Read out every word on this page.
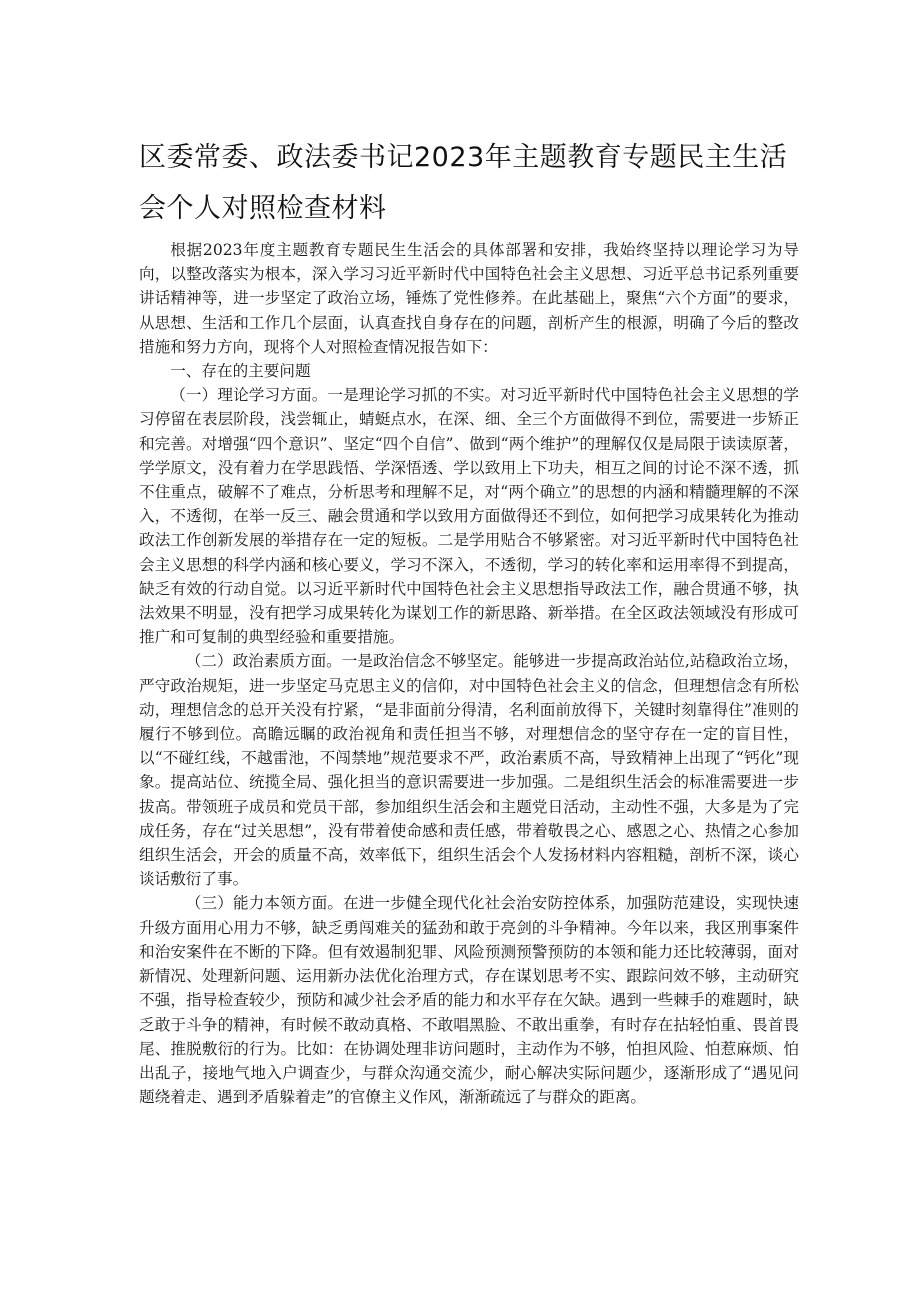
区委常委、政法委书记2023年主题教育专题民主生活会个人对照检查材料

根据2023年度主题教育专题民生生活会的具体部署和安排，我始终坚持以理论学习为导向，以整改落实为根本，深入学习习近平新时代中国特色社会主义思想、习近平总书记系列重要讲话精神等，进一步坚定了政治立场，锤炼了党性修养。在此基础上，聚焦“六个方面”的要求，从思想、生活和工作几个层面，认真查找自身存在的问题，剖析产生的根源，明确了今后的整改措施和努力方向，现将个人对照检查情况报告如下：

一、存在的主要问题

（一）理论学习方面。一是理论学习抓的不实。对习近平新时代中国特色社会主义思想的学习停留在表层阶段，浅尝辄止，蜻蜓点水，在深、细、全三个方面做得不到位，需要进一步矫正和完善。对增强“四个意识”、坚定“四个自信”、做到“两个维护”的理解仅仅是局限于读读原著，学学原文，没有着力在学思践悟、学深悟透、学以致用上下功夫，相互之间的讨论不深不透，抓不住重点，破解不了难点，分析思考和理解不足，对“两个确立”的思想的内涵和精髓理解的不深入，不透彻，在举一反三、融会贯通和学以致用方面做得还不到位，如何把学习成果转化为推动政法工作创新发展的举措存在一定的短板。二是学用贴合不够紧密。对习近平新时代中国特色社会主义思想的科学内涵和核心要义，学习不深入，不透彻，学习的转化率和运用率得不到提高，缺乏有效的行动自觉。以习近平新时代中国特色社会主义思想指导政法工作，融合贯通不够，执法效果不明显，没有把学习成果转化为谋划工作的新思路、新举措。在全区政法领域没有形成可推广和可复制的典型经验和重要措施。

（二）政治素质方面。一是政治信念不够坚定。能够进一步提高政治站位,站稳政治立场，严守政治规矩，进一步坚定马克思主义的信仰，对中国特色社会主义的信念，但理想信念有所松动，理想信念的总开关没有拧紧，“是非面前分得清，名利面前放得下，关键时刻靠得住”准则的履行不够到位。高瞻远瞩的政治视角和责任担当不够，对理想信念的坚守存在一定的盲目性，以“不碰红线，不越雷池，不闯禁地”规范要求不严，政治素质不高，导致精神上出现了“钙化”现象。提高站位、统揽全局、强化担当的意识需要进一步加强。二是组织生活会的标准需要进一步拔高。带领班子成员和党员干部，参加组织生活会和主题党日活动，主动性不强，大多是为了完成任务，存在“过关思想”，没有带着使命感和责任感，带着敬畏之心、感恩之心、热情之心参加组织生活会，开会的质量不高，效率低下，组织生活会个人发扬材料内容粗糙，剖析不深，谈心谈话敷衍了事。

（三）能力本领方面。在进一步健全现代化社会治安防控体系，加强防范建设，实现快速升级方面用心用力不够，缺乏勇闯难关的猛劲和敢于亮剑的斗争精神。今年以来，我区刑事案件和治安案件在不断的下降。但有效遏制犯罪、风险预测预警预防的本领和能力还比较薄弱，面对新情况、处理新问题、运用新办法优化治理方式，存在谋划思考不实、跟踪问效不够，主动研究不强，指导检查较少，预防和减少社会矛盾的能力和水平存在欠缺。遇到一些棘手的难题时，缺乏敢于斗争的精神，有时候不敢动真格、不敢唱黑脸、不敢出重拳，有时存在拈轻怕重、畏首畏尾、推脱敷衍的行为。比如：在协调处理非访问题时，主动作为不够，怕担风险、怕惹麻烦、怕出乱子，接地气地入户调查少，与群众沟通交流少，耐心解决实际问题少，逐渐形成了“遇见问题绕着走、遇到矛盾躲着走”的官僚主义作风，渐渐疏远了与群众的距离。
